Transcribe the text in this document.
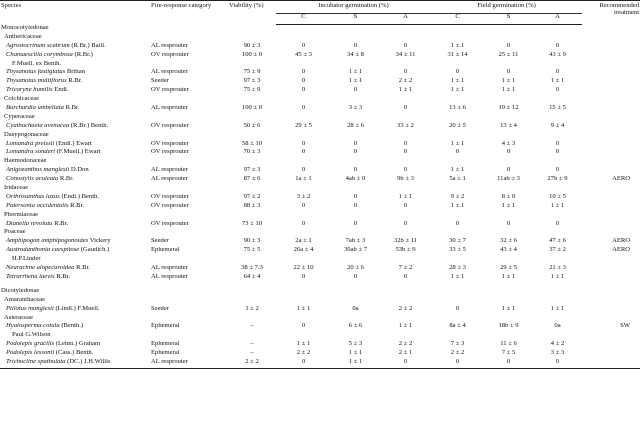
Species	Fire-response category	Viability (%)	Incubator germination (%)			Field germination (%)			Recommended treatment
			C	S	A	C	S	A	
Monocotyledonae									
Anthericaceae									
Agrostocrinum scabrum (R.Br.) Baill.	AL resprouter	90 ± 3	0	0	0	1 ± 1	0	0	
Chamaescilla corymbosa (R.Br.)	OV resprouter	100 ± 0	45 ± 3	34 ± 8	34 ± 11	31 ± 14	25 ± 11	43 ± 9	
F.Muell. ex Benth.									
Thysanotus fastigiatus Brittan	AL resprouter	75 ± 9	0	1 ± 1	0	0	0	0	
Thysanotus multiflorus R.Br.	Seeder	97 ± 3	0	1 ± 1	2 ± 2	1 ± 1	1 ± 1	1 ± 1	
Tricoryne humilis Endl.	OV resprouter	75 ± 9	0	0	1 ± 1	1 ± 1	1 ± 1	0	
Colchicaceae									
Burchardia umbellata R.Br.	AL resprouter	100 ± 0	0	3 ± 3	0	13 ± 6	19 ± 12	15 ± 5	
Cyperaceae									
Cyathochaeta avenacea (R.Br.) Benth.	OV resprouter	50 ± 6	29 ± 5	28 ± 6	33 ± 2	20 ± 5	13 ± 4	9 ± 4	
Dasypogonaceae									
Lomandra preissii (Endl.) Ewart	OV resprouter	58 ± 10	0	0	0	1 ± 1	4 ± 3	0	
Lomandra sonderi (F.Muell.) Ewart	OV resprouter	70 ± 3	0	0	0	0	0	0	
Haemodoraceae									
Anigozanthos manglesii D.Don	AL resprouter	97 ± 3	0	0	0	1 ± 1	0	0	
Conostylis aculeata R.Br.	AL resprouter	87 ± 6	1a ± 1	4ab ± 0	9b ± 3	5a ± 1	11ab ± 3	27b ± 9	AERO
Iridaceae									
Orthrosanthus laxus (Endl.) Benth.	OV resprouter	97 ± 2	3 ± 2	0	1 ± 1	9 ± 2	8 ± 0	10 ± 5	
Patersonia occidentalis R.Br.	OV resprouter	88 ± 3	0	0	0	1 ± 1	1 ± 1	1 ± 1	
Phormiaceae									
Dianella revoluta R.Br.	OV resprouter	73 ± 10	0	0	0	0	0	0	
Poaceae									
Amphipogon amphipogonoides Vickery	Seeder	90 ± 3	2a ± 1	7ab ± 3	32b ± 11	30 ± 7	32 ± 6	47 ± 6	AERO
Austrodanthonia caespitose (Gaudich.)	Ephemeral	75 ± 5	26a ± 4	30ab ± 7	53b ± 9	33 ± 5	43 ± 4	37 ± 2	AERO
H.P.Linder									
Neurachne alopecuroidea R.Br.	AL resprouter	38 ± 7.3	22 ± 10	20 ± 6	7 ± 2	28 ± 3	29 ± 5	21 ± 3	
Tetrarrhena laevis R.Br.	AL resprouter	64 ± 4	0	0	0	1 ± 1	1 ± 1	1 ± 1	

Dicotyledonae									
Amaranthaceae									
Ptilotus manglesii (Lindl.) F.Muell.	Seeder	3 ± 2	1 ± 1	0a	2 ± 2	0	1 ± 1	1 ± 1	
Asteraceae									
Hyalosperma cotula (Benth.)	Ephemeral	–	0	6 ± 6	1 ± 1	8a ± 4	18b ± 9	0a	SW
Paul G.Wilson									
Podolepis gracilis (Lehm.) Graham	Ephemeral	–	1 ± 1	5 ± 3	2 ± 2	7 ± 3	11 ± 6	4 ± 2	
Podolepis lessonii (Cass.) Benth.	Ephemeral	–	2 ± 2	1 ± 1	2 ± 1	2 ± 2	7 ± 5	3 ± 3	
Trichocline spathulata (DC.) J.H.Willis	AL resprouter	2 ± 2	0	1 ± 1	0	0	0	0	
